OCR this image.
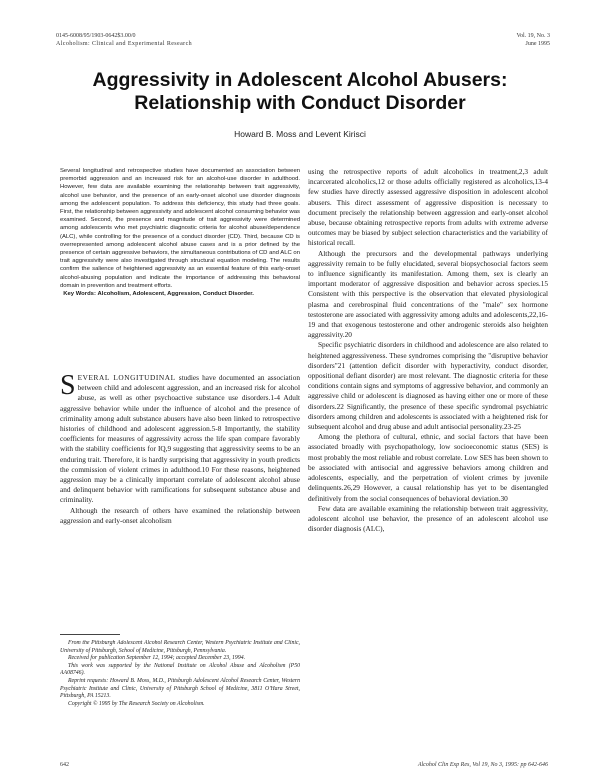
0145-6008/95/1903-0642$3.00/0
Alcoholism: Clinical and Experimental Research
Vol. 19, No. 3
June 1995
Aggressivity in Adolescent Alcohol Abusers:
Relationship with Conduct Disorder
Howard B. Moss and Levent Kirisci
Several longitudinal and retrospective studies have documented an association between premorbid aggression and an increased risk for an alcohol-use disorder in adulthood. However, few data are available examining the relationship between trait aggressivity, alcohol use behavior, and the presence of an early-onset alcohol use disorder diagnosis among the adolescent population. To address this deficiency, this study had three goals. First, the relationship between aggressivity and adolescent alcohol consuming behavior was examined. Second, the presence and magnitude of trait aggressivity were determined among adolescents who met psychiatric diagnostic criteria for alcohol abuse/dependence (ALC), while controlling for the presence of a conduct disorder (CD). Third, because CD is overrepresented among adolescent alcohol abuse cases and is a prior defined by the presence of certain aggressive behaviors, the simultaneous contributions of CD and ALC on trait aggressivity were also investigated through structural equation modeling. The results confirm the salience of heightened aggressivity as an essential feature of this early-onset alcohol-abusing population and indicate the importance of addressing this behavioral domain in prevention and treatment efforts.
Key Words: Alcoholism, Adolescent, Aggression, Conduct Disorder.

SEVERAL LONGITUDINAL studies have documented an association between child and adolescent aggression, and an increased risk for alcohol abuse, as well as other psychoactive substance use disorders.1-4 Adult aggressive behavior while under the influence of alcohol and the presence of criminality among adult substance abusers have also been linked to retrospective histories of childhood and adolescent aggression.5-8 Importantly, the stability coefficients for measures of aggressivity across the life span compare favorably with the stability coefficients for IQ,9 suggesting that aggressivity seems to be an enduring trait. Therefore, it is hardly surprising that aggressivity in youth predicts the commission of violent crimes in adulthood.10 For these reasons, heightened aggression may be a clinically important correlate of adolescent alcohol abuse and delinquent behavior with ramifications for subsequent substance abuse and criminality.

Although the research of others have examined the relationship between aggression and early-onset alcoholism

From the Pittsburgh Adolescent Alcohol Research Center, Western Psychiatric Institute and Clinic, University of Pittsburgh, School of Medicine, Pittsburgh, Pennsylvania.

Received for publication September 12, 1994; accepted December 23, 1994.

This work was supported by the National Institute on Alcohol Abuse and Alcoholism (P50 AA08746).

Reprint requests: Howard B. Moss, M.D., Pittsburgh Adolescent Alcohol Research Center, Western Psychiatric Institute and Clinic, University of Pittsburgh School of Medicine, 3811 O'Hara Street, Pittsburgh, PA 15213.

Copyright © 1995 by The Research Society on Alcoholism.

using the retrospective reports of adult alcoholics in treatment,2,3 adult incarcerated alcoholics,12 or those adults officially registered as alcoholics,13-4 few studies have directly assessed aggressive disposition in adolescent alcohol abusers. This direct assessment of aggressive disposition is necessary to document precisely the relationship between aggression and early-onset alcohol abuse, because obtaining retrospective reports from adults with extreme adverse outcomes may be biased by subject selection characteristics and the variability of historical recall.

Although the precursors and the developmental pathways underlying aggressivity remain to be fully elucidated, several biopsychosocial factors seem to influence significantly its manifestation. Among them, sex is clearly an important moderator of aggressive disposition and behavior across species.15 Consistent with this perspective is the observation that elevated physiological plasma and cerebrospinal fluid concentrations of the "male" sex hormone testosterone are associated with aggressivity among adults and adolescents,22,16-19 and that exogenous testosterone and other androgenic steroids also heighten aggressivity.20

Specific psychiatric disorders in childhood and adolescence are also related to heightened aggressiveness. These syndromes comprising the "disruptive behavior disorders"21 (attention deficit disorder with hyperactivity, conduct disorder, oppositional defiant disorder) are most relevant. The diagnostic criteria for these conditions contain signs and symptoms of aggressive behavior, and commonly an aggressive child or adolescent is diagnosed as having either one or more of these disorders.22 Significantly, the presence of these specific syndromal psychiatric disorders among children and adolescents is associated with a heightened risk for subsequent alcohol and drug abuse and adult antisocial personality.23-25

Among the plethora of cultural, ethnic, and social factors that have been associated broadly with psychopathology, low socioeconomic status (SES) is most probably the most reliable and robust correlate. Low SES has been shown to be associated with antisocial and aggressive behaviors among children and adolescents, especially, and the perpetration of violent crimes by juvenile delinquents.26,29 However, a causal relationship has yet to be disentangled definitively from the social consequences of behavioral deviation.30

Few data are available examining the relationship between trait aggressivity, adolescent alcohol use behavior, the presence of an adolescent alcohol use disorder diagnosis (ALC),

642	Alcohol Clin Exp Res, Vol 19, No 3, 1995: pp 642-646
